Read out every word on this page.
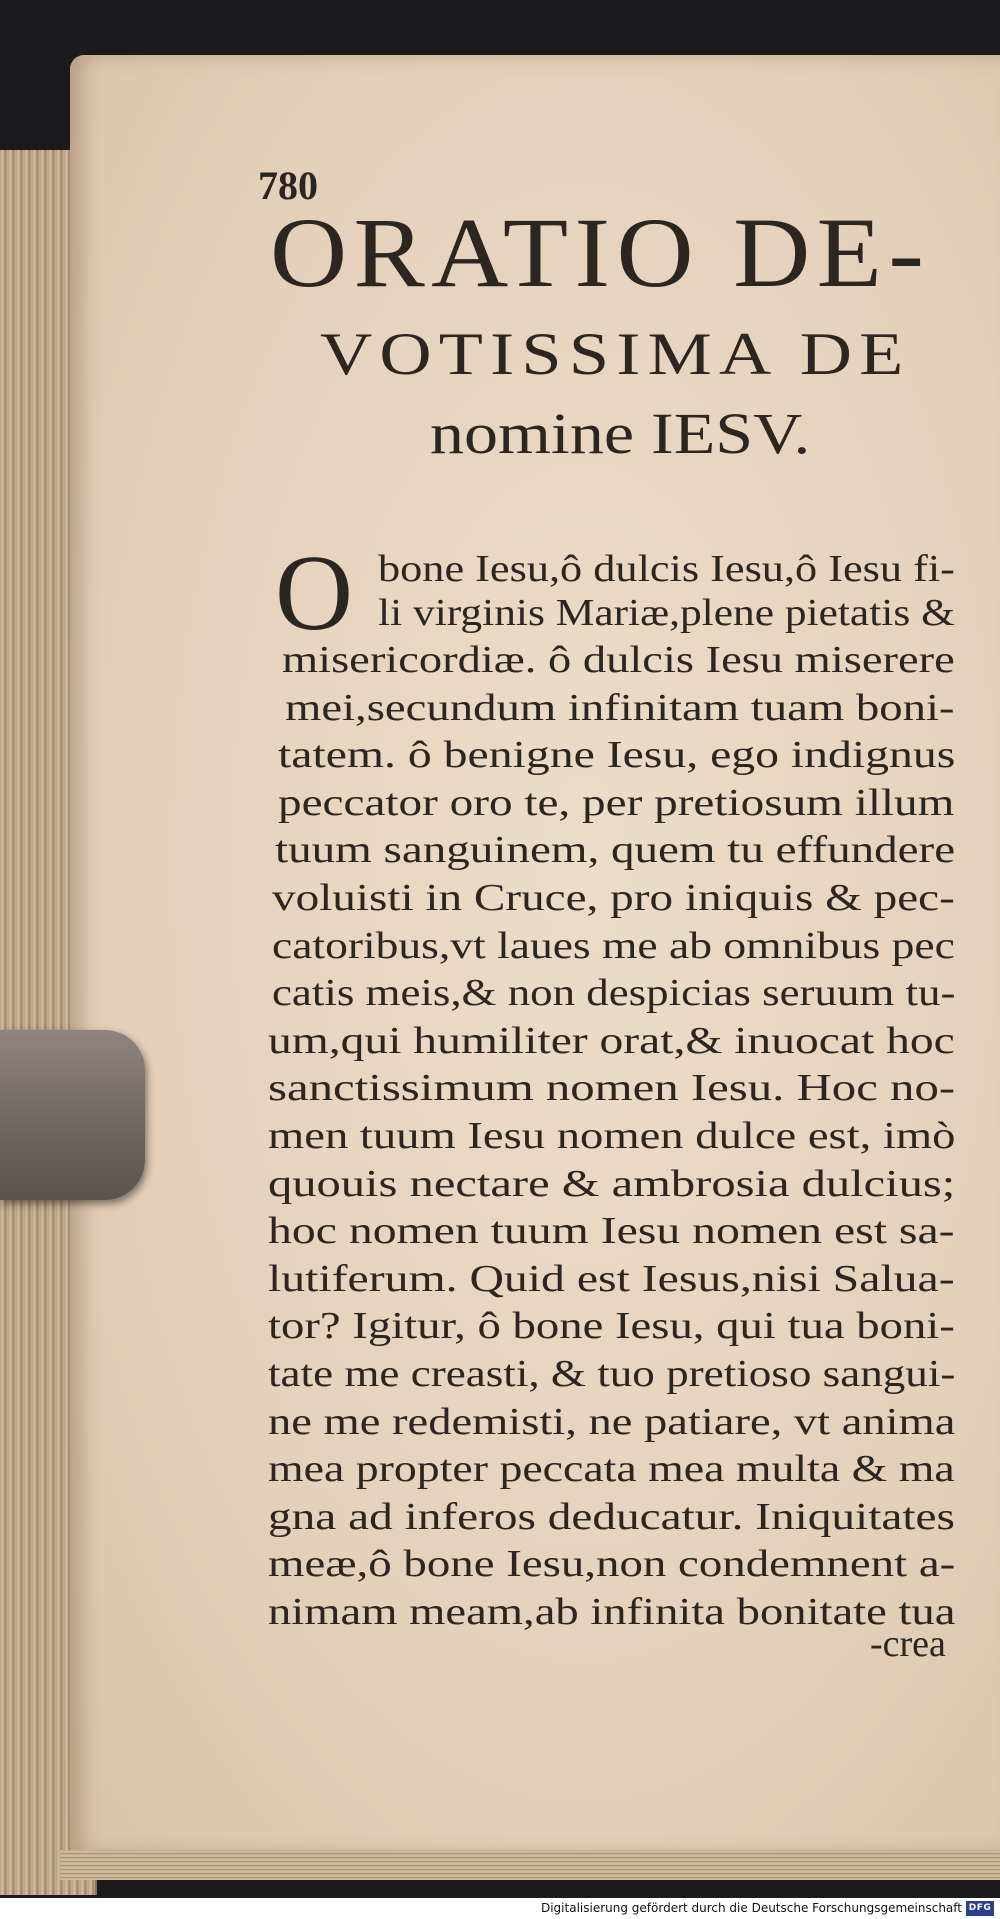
780
ORATIO DE-
VOTISSIMA DE
nomine IESV.
O bone Iesu,ô dulcis Iesu,ô Iesu fi-
li virginis Mariæ,plene pietatis &
misericordiæ. ô dulcis Iesu miserere
mei,secundum infinitam tuam boni-
tatem. ô benigne Iesu, ego indignus
peccator oro te, per pretiosum illum
tuum sanguinem, quem tu effundere
voluisti in Cruce, pro iniquis & pec-
catoribus,vt laues me ab omnibus pec
catis meis,& non despicias seruum tu-
um,qui humiliter orat,& inuocat hoc
sanctissimum nomen Iesu. Hoc no-
men tuum Iesu nomen dulce est, imò
quouis nectare & ambrosia dulcius;
hoc nomen tuum Iesu nomen est sa-
lutiferum. Quid est Iesus,nisi Salua-
tor? Igitur, ô bone Iesu, qui tua boni-
tate me creasti, & tuo pretioso sangui-
ne me redemisti, ne patiare, vt anima
mea propter peccata mea multa & ma
gna ad inferos deducatur. Iniquitates
meæ,ô bone Iesu,non condemnent a-
nimam meam,ab infinita bonitate tua
-crea
Digitalisierung gefördert durch die Deutsche Forschungsgemeinschaft DFG
